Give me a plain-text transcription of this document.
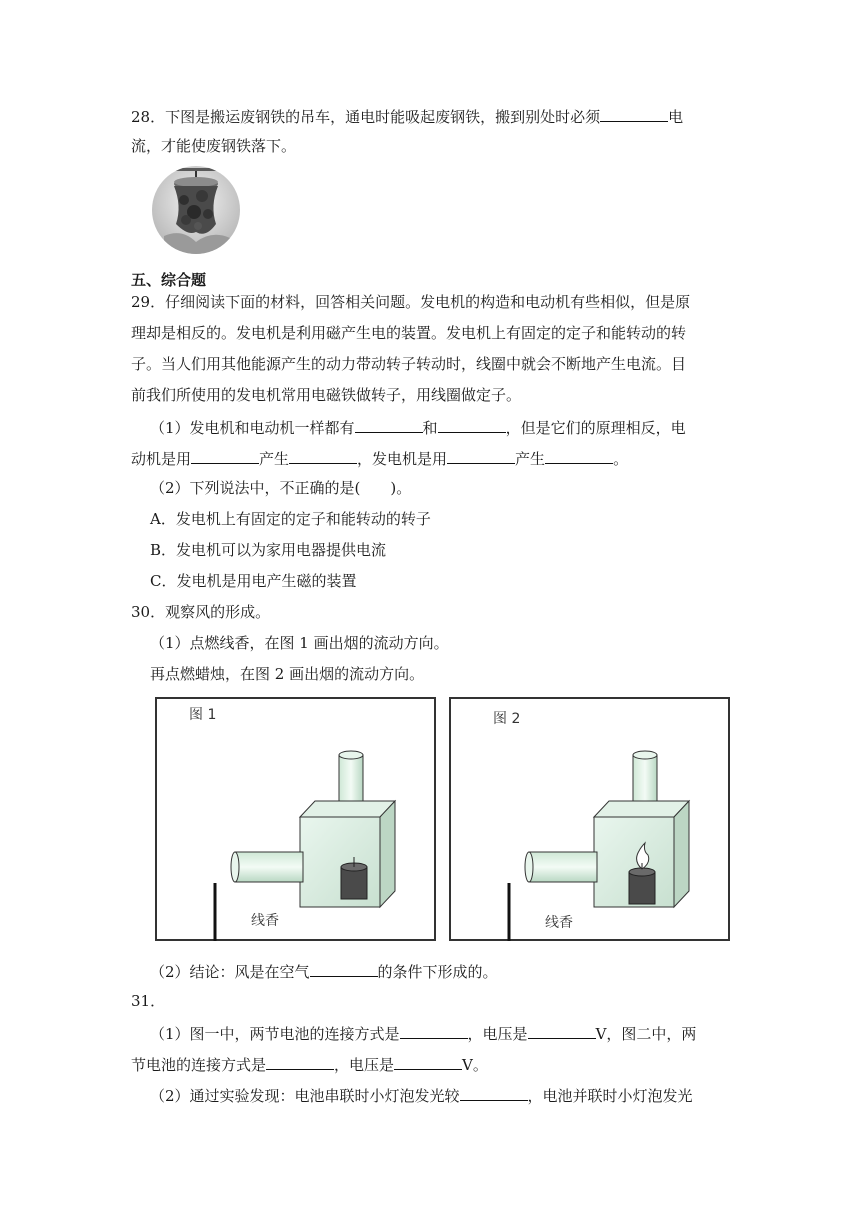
28．下图是搬运废钢铁的吊车，通电时能吸起废钢铁，搬到别处时必须	电
流，才能使废钢铁落下。
五、综合题
29．仔细阅读下面的材料，回答相关问题。发电机的构造和电动机有些相似，但是原
理却是相反的。发电机是利用磁产生电的装置。发电机上有固定的定子和能转动的转
子。当人们用其他能源产生的动力带动转子转动时，线圈中就会不断地产生电流。目
前我们所使用的发电机常用电磁铁做转子，用线圈做定子。
（1）发电机和电动机一样都有	和	，但是它们的原理相反，电
动机是用	产生	，发电机是用	产生	。
（2）下列说法中，不正确的是(　　)。
A．发电机上有固定的定子和能转动的转子
B．发电机可以为家用电器提供电流
C．发电机是用电产生磁的装置
30．观察风的形成。
（1）点燃线香，在图 1 画出烟的流动方向。
再点燃蜡烛，在图 2 画出烟的流动方向。
图 1
线香
图 2
线香
（2）结论：风是在空气	的条件下形成的。
31．
（1）图一中，两节电池的连接方式是	，电压是	V，图二中，两
节电池的连接方式是	，电压是	V。
（2）通过实验发现：电池串联时小灯泡发光较	，电池并联时小灯泡发光
